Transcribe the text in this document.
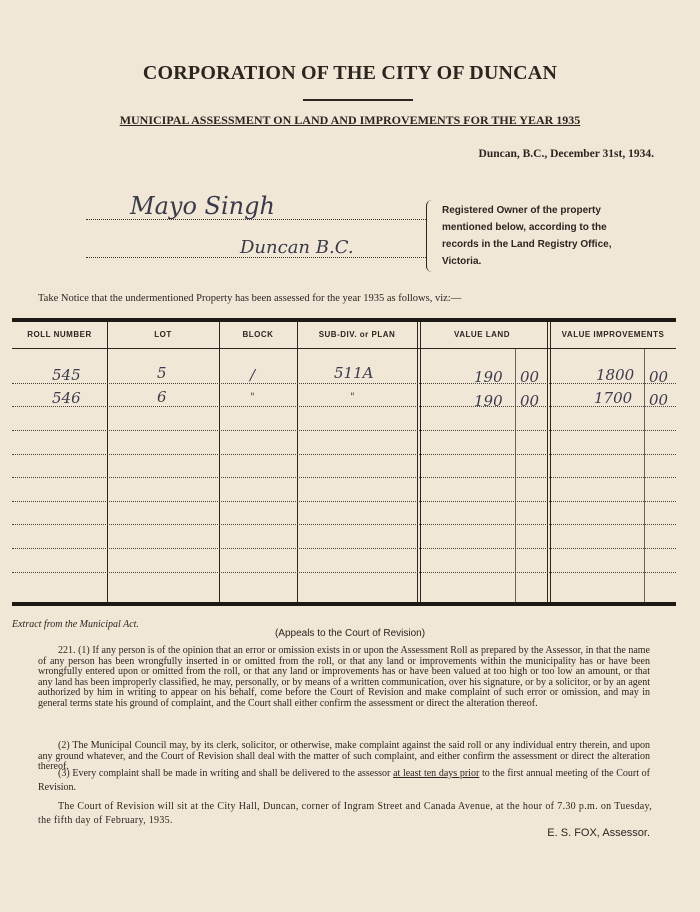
CORPORATION OF THE CITY OF DUNCAN
MUNICIPAL ASSESSMENT ON LAND AND IMPROVEMENTS FOR THE YEAR 1935
Duncan, B.C., December 31st, 1934.
Mayo Singh
Duncan B.C.
Registered Owner of the property mentioned below, according to the records in the Land Registry Office, Victoria.
Take Notice that the undermentioned Property has been assessed for the year 1935 as follows, viz:—
ROLL NUMBER	LOT	BLOCK	SUB-DIV. or PLAN	VALUE LAND	VALUE IMPROVEMENTS
545	5	/	511A	190 00	1800 00
546	6	"	"	190 00	1700 00
Extract from the Municipal Act.
(Appeals to the Court of Revision)
221. (1) If any person is of the opinion that an error or omission exists in or upon the Assessment Roll as prepared by the Assessor, in that the name of any person has been wrongfully inserted in or omitted from the roll, or that any land or improvements within the municipality has or have been wrongfully entered upon or omitted from the roll, or that any land or improvements has or have been valued at too high or too low an amount, or that any land has been improperly classified, he may, personally, or by means of a written communication, over his signature, or by a solicitor, or by an agent authorized by him in writing to appear on his behalf, come before the Court of Revision and make complaint of such error or omission, and may in general terms state his ground of complaint, and the Court shall either confirm the assessment or direct the alteration thereof.
(2) The Municipal Council may, by its clerk, solicitor, or otherwise, make complaint against the said roll or any individual entry therein, and upon any ground whatever, and the Court of Revision shall deal with the matter of such complaint, and either confirm the assessment or direct the alteration thereof.
(3) Every complaint shall be made in writing and shall be delivered to the assessor at least ten days prior to the first annual meeting of the Court of Revision.
The Court of Revision will sit at the City Hall, Duncan, corner of Ingram Street and Canada Avenue, at the hour of 7.30 p.m. on Tuesday, the fifth day of February, 1935.
E. S. FOX, Assessor.
